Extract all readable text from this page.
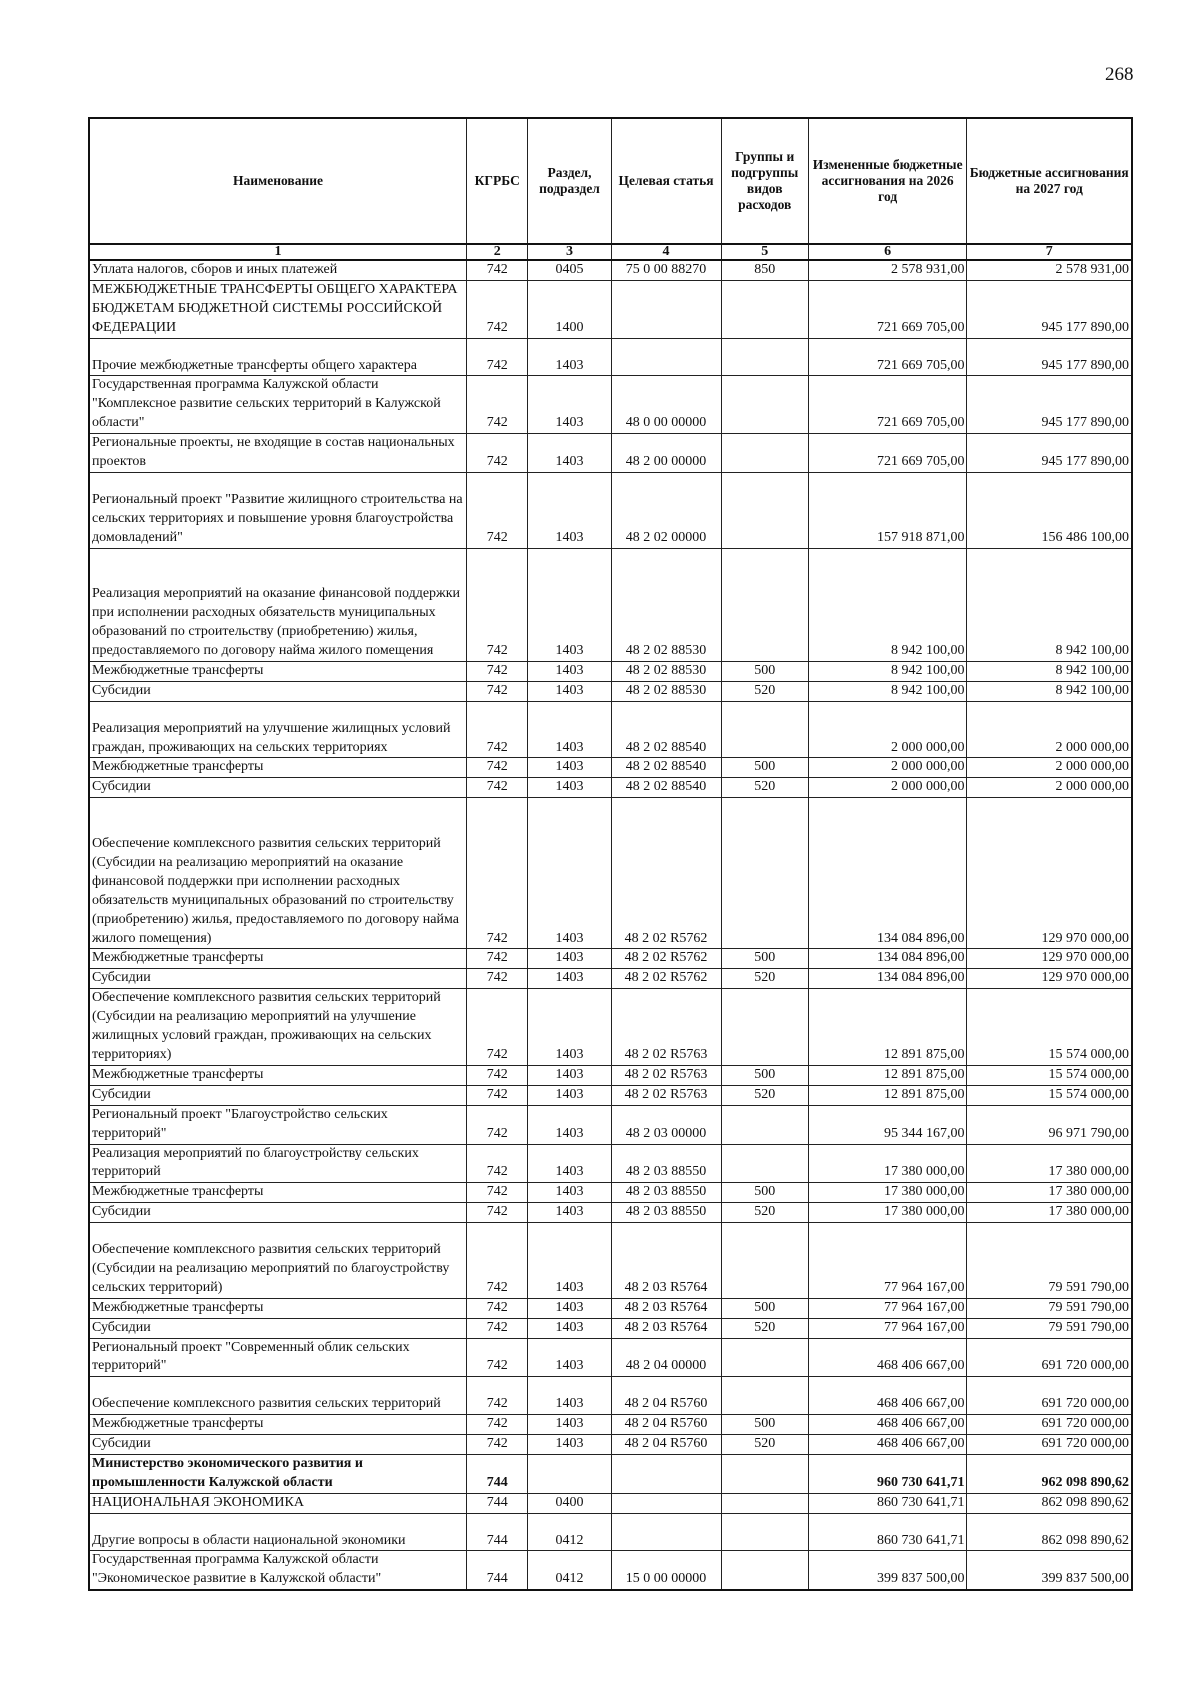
268
Наименование	КГРБС	Раздел, подраздел	Целевая статья	Группы и подгруппы видов расходов	Измененные бюджетные ассигнования на 2026 год	Бюджетные ассигнования на 2027 год
1	2	3	4	5	6	7
Уплата налогов, сборов и иных платежей	742	0405	75 0 00 88270	850	2 578 931,00	2 578 931,00
МЕЖБЮДЖЕТНЫЕ ТРАНСФЕРТЫ ОБЩЕГО ХАРАКТЕРА БЮДЖЕТАМ БЮДЖЕТНОЙ СИСТЕМЫ РОССИЙСКОЙ ФЕДЕРАЦИИ	742	1400			721 669 705,00	945 177 890,00
Прочие межбюджетные трансферты общего характера	742	1403			721 669 705,00	945 177 890,00
Государственная программа Калужской области "Комплексное развитие сельских территорий в Калужской области"	742	1403	48 0 00 00000		721 669 705,00	945 177 890,00
Региональные проекты, не входящие в состав национальных проектов	742	1403	48 2 00 00000		721 669 705,00	945 177 890,00
Региональный проект "Развитие жилищного строительства на сельских территориях и повышение уровня благоустройства домовладений"	742	1403	48 2 02 00000		157 918 871,00	156 486 100,00
Реализация мероприятий на оказание финансовой поддержки при исполнении расходных обязательств муниципальных образований по строительству (приобретению) жилья, предоставляемого по договору найма жилого помещения	742	1403	48 2 02 88530		8 942 100,00	8 942 100,00
Межбюджетные трансферты	742	1403	48 2 02 88530	500	8 942 100,00	8 942 100,00
Субсидии	742	1403	48 2 02 88530	520	8 942 100,00	8 942 100,00
Реализация мероприятий на улучшение жилищных условий граждан, проживающих на сельских территориях	742	1403	48 2 02 88540		2 000 000,00	2 000 000,00
Межбюджетные трансферты	742	1403	48 2 02 88540	500	2 000 000,00	2 000 000,00
Субсидии	742	1403	48 2 02 88540	520	2 000 000,00	2 000 000,00
Обеспечение комплексного развития сельских территорий (Субсидии на реализацию мероприятий на оказание финансовой поддержки при исполнении расходных обязательств муниципальных образований по строительству (приобретению) жилья, предоставляемого по договору найма жилого помещения)	742	1403	48 2 02 R5762		134 084 896,00	129 970 000,00
Межбюджетные трансферты	742	1403	48 2 02 R5762	500	134 084 896,00	129 970 000,00
Субсидии	742	1403	48 2 02 R5762	520	134 084 896,00	129 970 000,00
Обеспечение комплексного развития сельских территорий (Субсидии на реализацию мероприятий на улучшение жилищных условий граждан, проживающих на сельских территориях)	742	1403	48 2 02 R5763		12 891 875,00	15 574 000,00
Межбюджетные трансферты	742	1403	48 2 02 R5763	500	12 891 875,00	15 574 000,00
Субсидии	742	1403	48 2 02 R5763	520	12 891 875,00	15 574 000,00
Региональный проект "Благоустройство сельских территорий"	742	1403	48 2 03 00000		95 344 167,00	96 971 790,00
Реализация мероприятий по благоустройству сельских территорий	742	1403	48 2 03 88550		17 380 000,00	17 380 000,00
Межбюджетные трансферты	742	1403	48 2 03 88550	500	17 380 000,00	17 380 000,00
Субсидии	742	1403	48 2 03 88550	520	17 380 000,00	17 380 000,00
Обеспечение комплексного развития сельских территорий (Субсидии на реализацию мероприятий по благоустройству сельских территорий)	742	1403	48 2 03 R5764		77 964 167,00	79 591 790,00
Межбюджетные трансферты	742	1403	48 2 03 R5764	500	77 964 167,00	79 591 790,00
Субсидии	742	1403	48 2 03 R5764	520	77 964 167,00	79 591 790,00
Региональный проект "Современный облик сельских территорий"	742	1403	48 2 04 00000		468 406 667,00	691 720 000,00
Обеспечение комплексного развития сельских территорий	742	1403	48 2 04 R5760		468 406 667,00	691 720 000,00
Межбюджетные трансферты	742	1403	48 2 04 R5760	500	468 406 667,00	691 720 000,00
Субсидии	742	1403	48 2 04 R5760	520	468 406 667,00	691 720 000,00
Министерство экономического развития и промышленности Калужской области	744				960 730 641,71	962 098 890,62
НАЦИОНАЛЬНАЯ ЭКОНОМИКА	744	0400			860 730 641,71	862 098 890,62
Другие вопросы в области национальной экономики	744	0412			860 730 641,71	862 098 890,62
Государственная программа Калужской области "Экономическое развитие в Калужской области"	744	0412	15 0 00 00000		399 837 500,00	399 837 500,00
